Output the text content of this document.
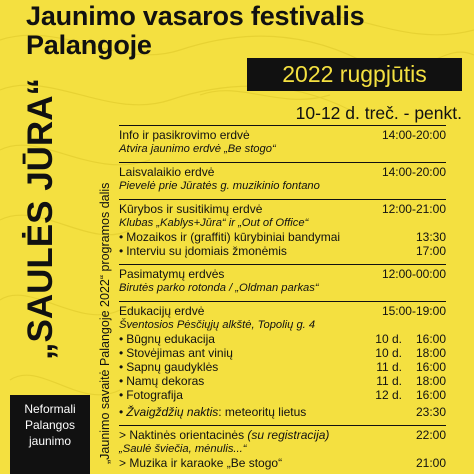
Jaunimo vasaros festivalis
Palangoje
2022 rugpjūtis
10-12 d. treč. - penkt.
„SAULĖS JŪRA“	„Jaunimo savaitė Palangoje 2022“ programos dalis
Neformali
Palangos
jaunimo
Info ir pasikrovimo erdvė	14:00-20:00
Atvira jaunimo erdvė „Be stogo“
Laisvalaikio erdvė	14:00-20:00
Pievelė prie Jūratės g. muzikinio fontano
Kūrybos ir susitikimų erdvė	12:00-21:00
Klubas „Kablys+Jūra“ ir „Out of Office“
• Mozaikos ir (graffiti) kūrybiniai bandymai	13:30
• Interviu su įdomiais žmonėmis	17:00
Pasimatymų erdvės	12:00-00:00
Birutės parko rotonda / „Oldman parkas“
Edukacijų erdvė	15:00-19:00
Šventosios Pėsčiųjų alkštė, Topolių g. 4
• Būgnų edukacija	10 d.	16:00
• Stovėjimas ant vinių	10 d.	18:00
• Sapnų gaudyklės	11 d.	16:00
• Namų dekoras	11 d.	18:00
• Fotografija	12 d.	16:00
• Žvaigždžių naktis: meteoritų lietus	23:30
> Naktinės orientacinės (su registracija)	22:00
„Saulė šviečia, mėnulis...“
> Muzika ir karaoke „Be stogo“	21:00
